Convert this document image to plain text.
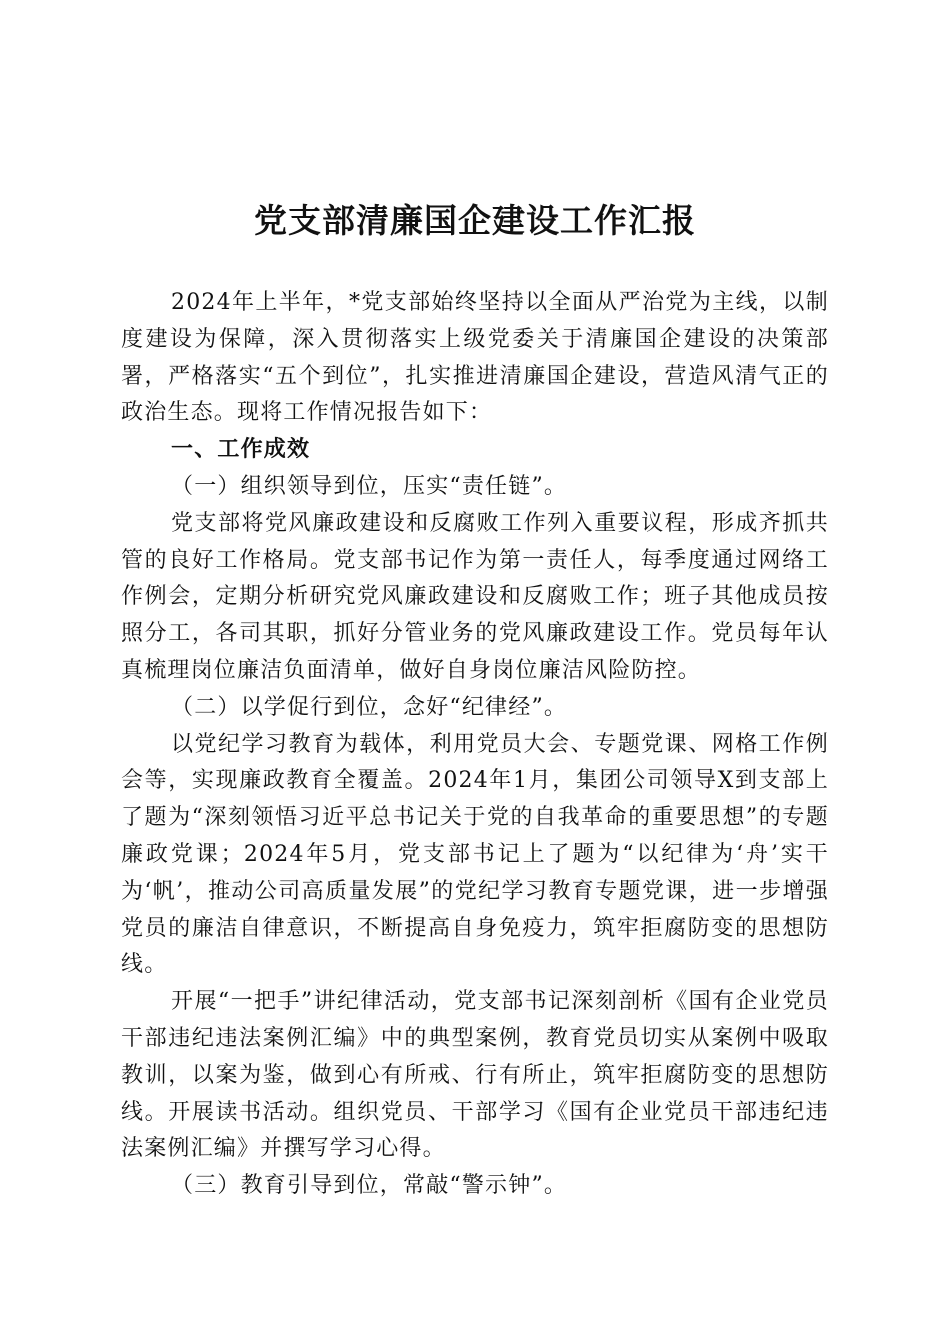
党支部清廉国企建设工作汇报

2024年上半年，*党支部始终坚持以全面从严治党为主线，以制度建设为保障，深入贯彻落实上级党委关于清廉国企建设的决策部署，严格落实“五个到位”，扎实推进清廉国企建设，营造风清气正的政治生态。现将工作情况报告如下：

一、工作成效

（一）组织领导到位，压实“责任链”。

党支部将党风廉政建设和反腐败工作列入重要议程，形成齐抓共管的良好工作格局。党支部书记作为第一责任人，每季度通过网络工作例会，定期分析研究党风廉政建设和反腐败工作；班子其他成员按照分工，各司其职，抓好分管业务的党风廉政建设工作。党员每年认真梳理岗位廉洁负面清单，做好自身岗位廉洁风险防控。

（二）以学促行到位，念好“纪律经”。

以党纪学习教育为载体，利用党员大会、专题党课、网格工作例会等，实现廉政教育全覆盖。2024年1月，集团公司领导X到支部上了题为“深刻领悟习近平总书记关于党的自我革命的重要思想”的专题廉政党课；2024年5月，党支部书记上了题为“以纪律为‘舟’实干为‘帆’，推动公司高质量发展”的党纪学习教育专题党课，进一步增强党员的廉洁自律意识，不断提高自身免疫力，筑牢拒腐防变的思想防线。

开展“一把手”讲纪律活动，党支部书记深刻剖析《国有企业党员干部违纪违法案例汇编》中的典型案例，教育党员切实从案例中吸取教训，以案为鉴，做到心有所戒、行有所止，筑牢拒腐防变的思想防线。开展读书活动。组织党员、干部学习《国有企业党员干部违纪违法案例汇编》并撰写学习心得。

（三）教育引导到位，常敲“警示钟”。
